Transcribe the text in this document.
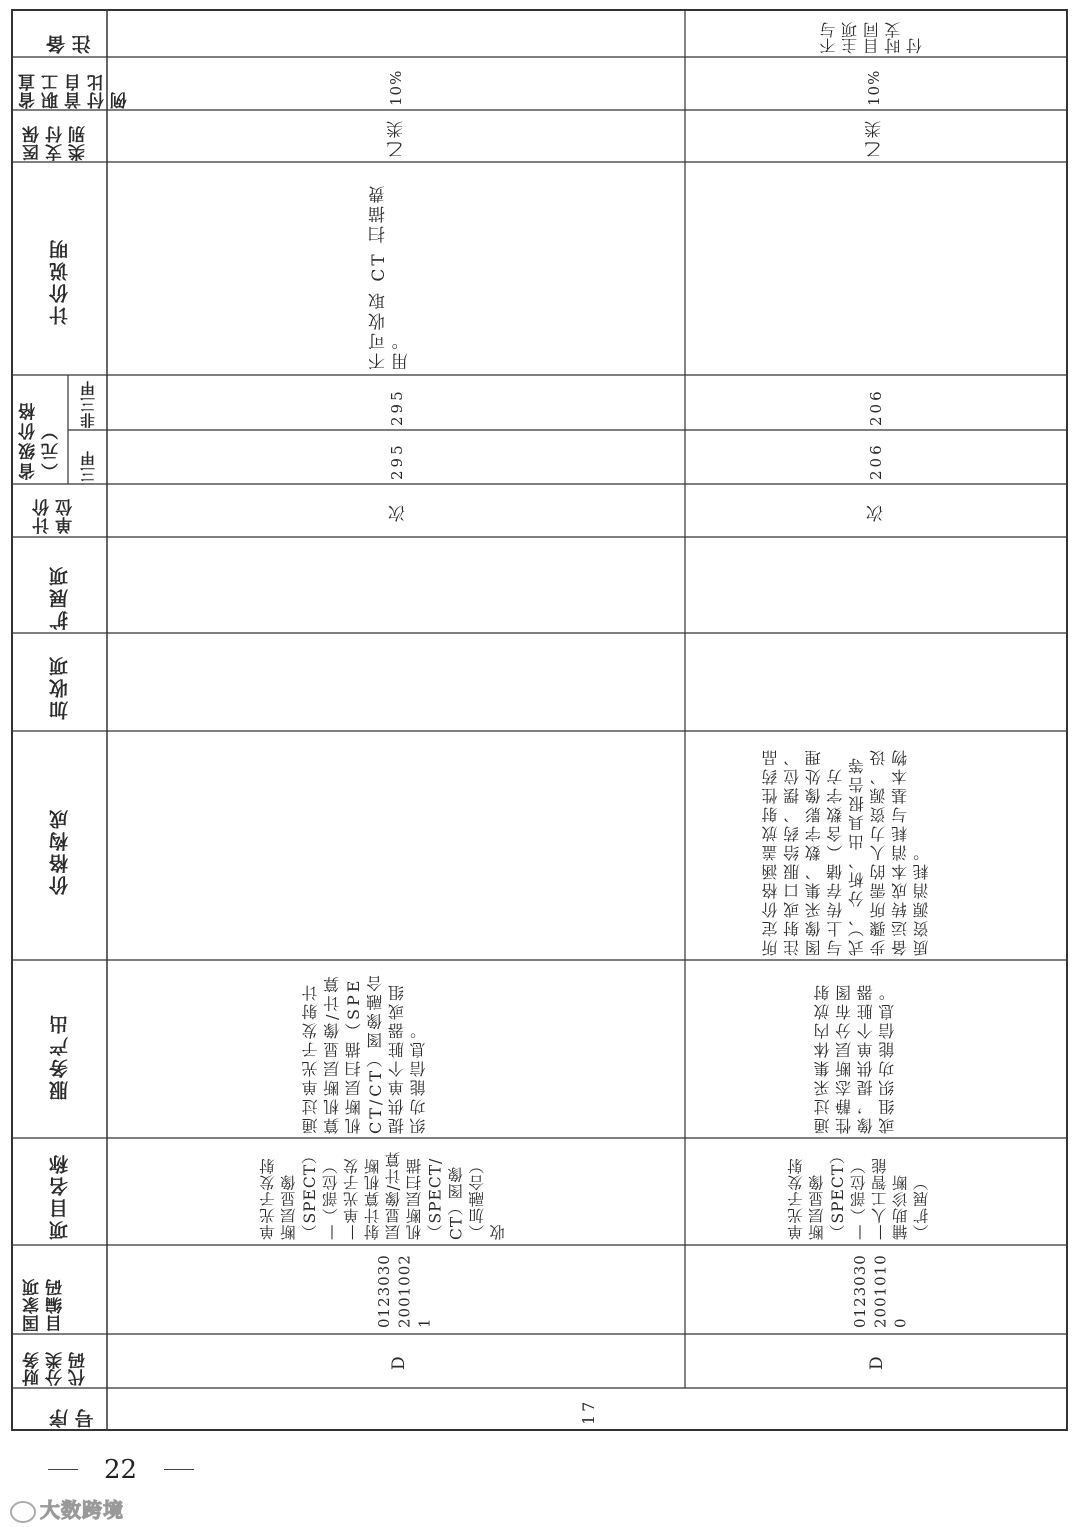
备注
省直职工首自付比例
医保支付类别
计价说明
省级价格（元）
非三甲
三甲
计价单位
扩展项
加收项
价格构成
服务产出
项目名称
国家项目编码
财务分类代码
序号	17
D
012303020010021
单光子发射断层显像（SPECT）—（部位）—单光子发射计算机断层显像/计算机断层扫描（SPECT/CT）图像（加融合）收
通过单光子发射计算机断层显像/计算机断层扫描（SPECT/CT）图像融合提供单个脏器或组织功能信息。
次
295
295
不可收取 CT 扫描费用。
乙类
10%
D
012303020010100
单光子发射断层显像（SPECT）—（部位）—人工智能辅助诊断（扩展）
通过采集体内放射性静态断层分布图像，提供单个脏器或组织功能信息。
所定价格涵盖放射性药品注射或口服给药、摆位、图像采集、数字影像处理与上传存储（含数字方式）、分析、出具报告等步骤所需的人力资源、设备运转成本消耗与基本物质资源消耗。
次
206
206
乙类
10%
不与主项目同时支付
22
大数跨境
